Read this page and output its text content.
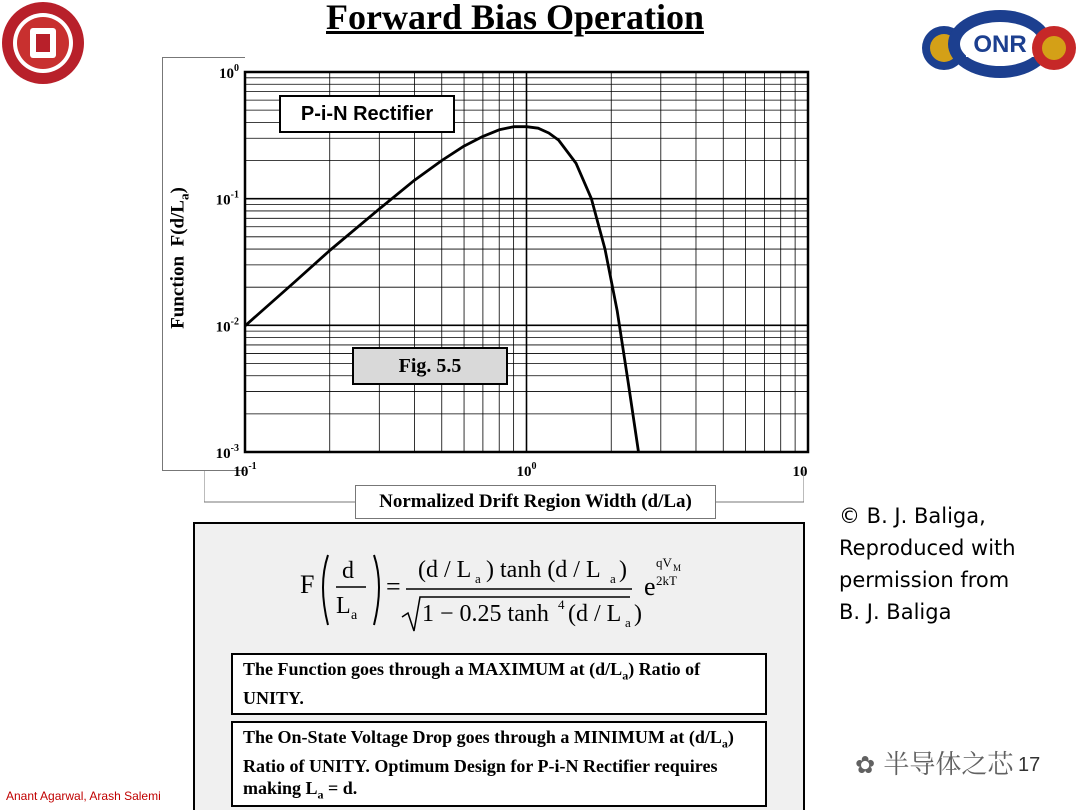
Forward Bias Operation
ONR
Function  $F(d/L_a)$
$10^0$
$10^{-1}$
$10^{-2}$
$10^{-3}$
$10^{-1}$	$10^0$	10
Normalized Drift Region Width (d/La)
P-i-N Rectifier
Fig. 5.5
F d
L a
=
(d / L a ) tanh (d / L a )
1 − 0.25 tanh 4 (d / L a )
e
qV M
2kT
The Function goes through a MAXIMUM at $(d/L_a)$ Ratio of UNITY.
The On-State Voltage Drop goes through a MINIMUM at $(d/L_a)$ Ratio of UNITY. Optimum Design for P-i-N Rectifier requires making $L_a = d$.
© B. J. Baliga,
Reproduced with
permission from
B. J. Baliga
Anant Agarwal, Arash Salemi
17
✿ 半导体之芯
